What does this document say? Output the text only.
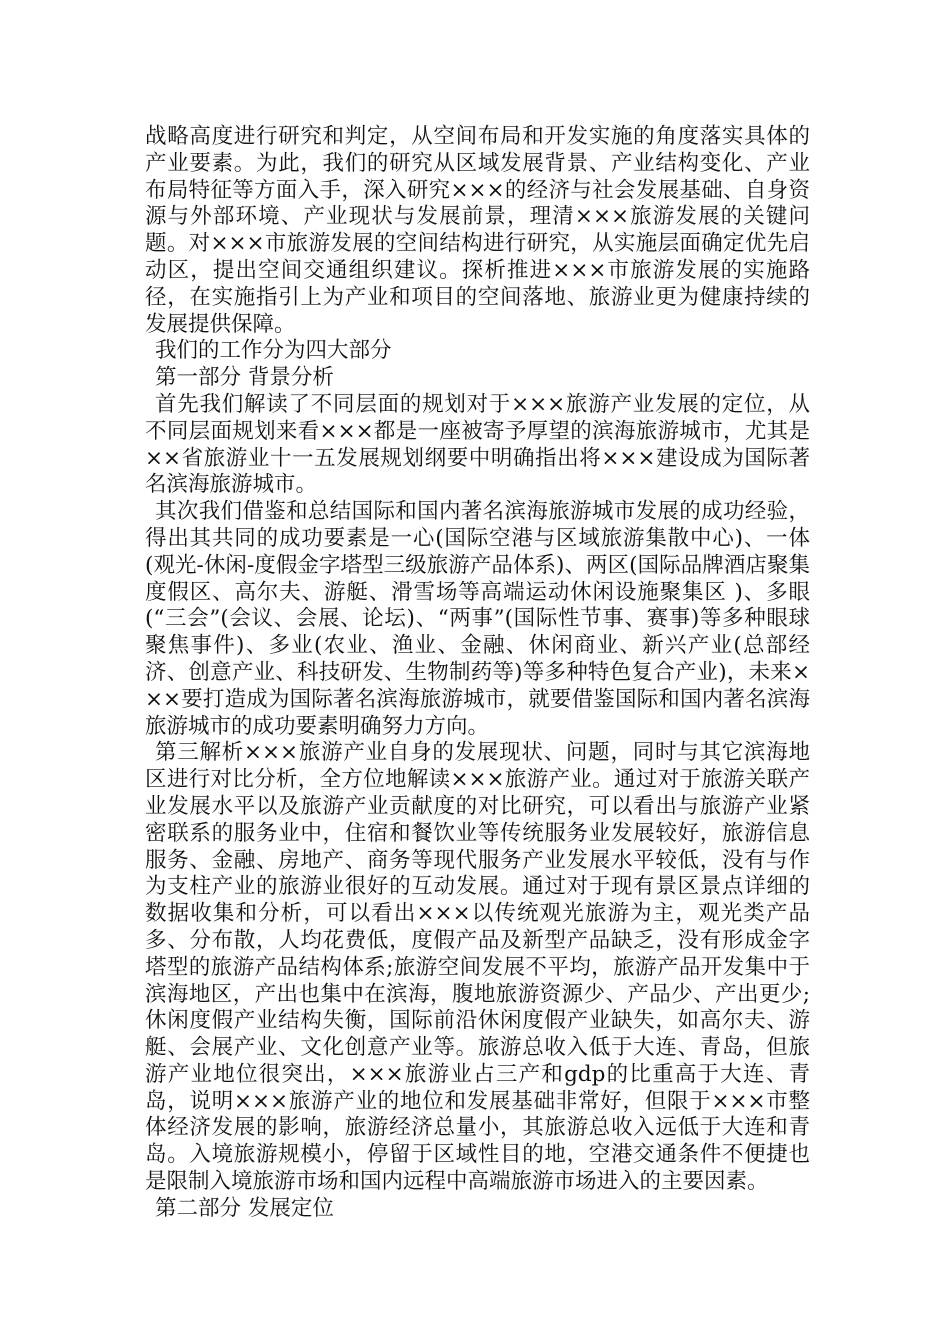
战略高度进行研究和判定，从空间布局和开发实施的角度落实具体的产业要素。为此，我们的研究从区域发展背景、产业结构变化、产业布局特征等方面入手，深入研究×××的经济与社会发展基础、自身资源与外部环境、产业现状与发展前景，理清×××旅游发展的关键问题。对×××市旅游发展的空间结构进行研究，从实施层面确定优先启动区，提出空间交通组织建议。探析推进×××市旅游发展的实施路径，在实施指引上为产业和项目的空间落地、旅游业更为健康持续的发展提供保障。

我们的工作分为四大部分

第一部分 背景分析

首先我们解读了不同层面的规划对于×××旅游产业发展的定位，从不同层面规划来看×××都是一座被寄予厚望的滨海旅游城市，尤其是××省旅游业十一五发展规划纲要中明确指出将×××建设成为国际著名滨海旅游城市。

其次我们借鉴和总结国际和国内著名滨海旅游城市发展的成功经验，得出其共同的成功要素是一心(国际空港与区域旅游集散中心)、一体(观光-休闲-度假金字塔型三级旅游产品体系)、两区(国际品牌酒店聚集度假区、高尔夫、游艇、滑雪场等高端运动休闲设施聚集区 )、多眼(“三会”(会议、会展、论坛)、“两事”(国际性节事、赛事)等多种眼球聚焦事件)、多业(农业、渔业、金融、休闲商业、新兴产业(总部经济、创意产业、科技研发、生物制药等)等多种特色复合产业)，未来×××要打造成为国际著名滨海旅游城市，就要借鉴国际和国内著名滨海旅游城市的成功要素明确努力方向。

第三解析×××旅游产业自身的发展现状、问题，同时与其它滨海地区进行对比分析，全方位地解读×××旅游产业。通过对于旅游关联产业发展水平以及旅游产业贡献度的对比研究，可以看出与旅游产业紧密联系的服务业中，住宿和餐饮业等传统服务业发展较好，旅游信息服务、金融、房地产、商务等现代服务产业发展水平较低，没有与作为支柱产业的旅游业很好的互动发展。通过对于现有景区景点详细的数据收集和分析，可以看出×××以传统观光旅游为主，观光类产品多、分布散，人均花费低，度假产品及新型产品缺乏，没有形成金字塔型的旅游产品结构体系;旅游空间发展不平均，旅游产品开发集中于滨海地区，产出也集中在滨海，腹地旅游资源少、产品少、产出更少;休闲度假产业结构失衡，国际前沿休闲度假产业缺失，如高尔夫、游艇、会展产业、文化创意产业等。旅游总收入低于大连、青岛，但旅游产业地位很突出，×××旅游业占三产和gdp的比重高于大连、青岛，说明×××旅游产业的地位和发展基础非常好，但限于×××市整体经济发展的影响，旅游经济总量小，其旅游总收入远低于大连和青岛。入境旅游规模小，停留于区域性目的地，空港交通条件不便捷也是限制入境旅游市场和国内远程中高端旅游市场进入的主要因素。

第二部分 发展定位
